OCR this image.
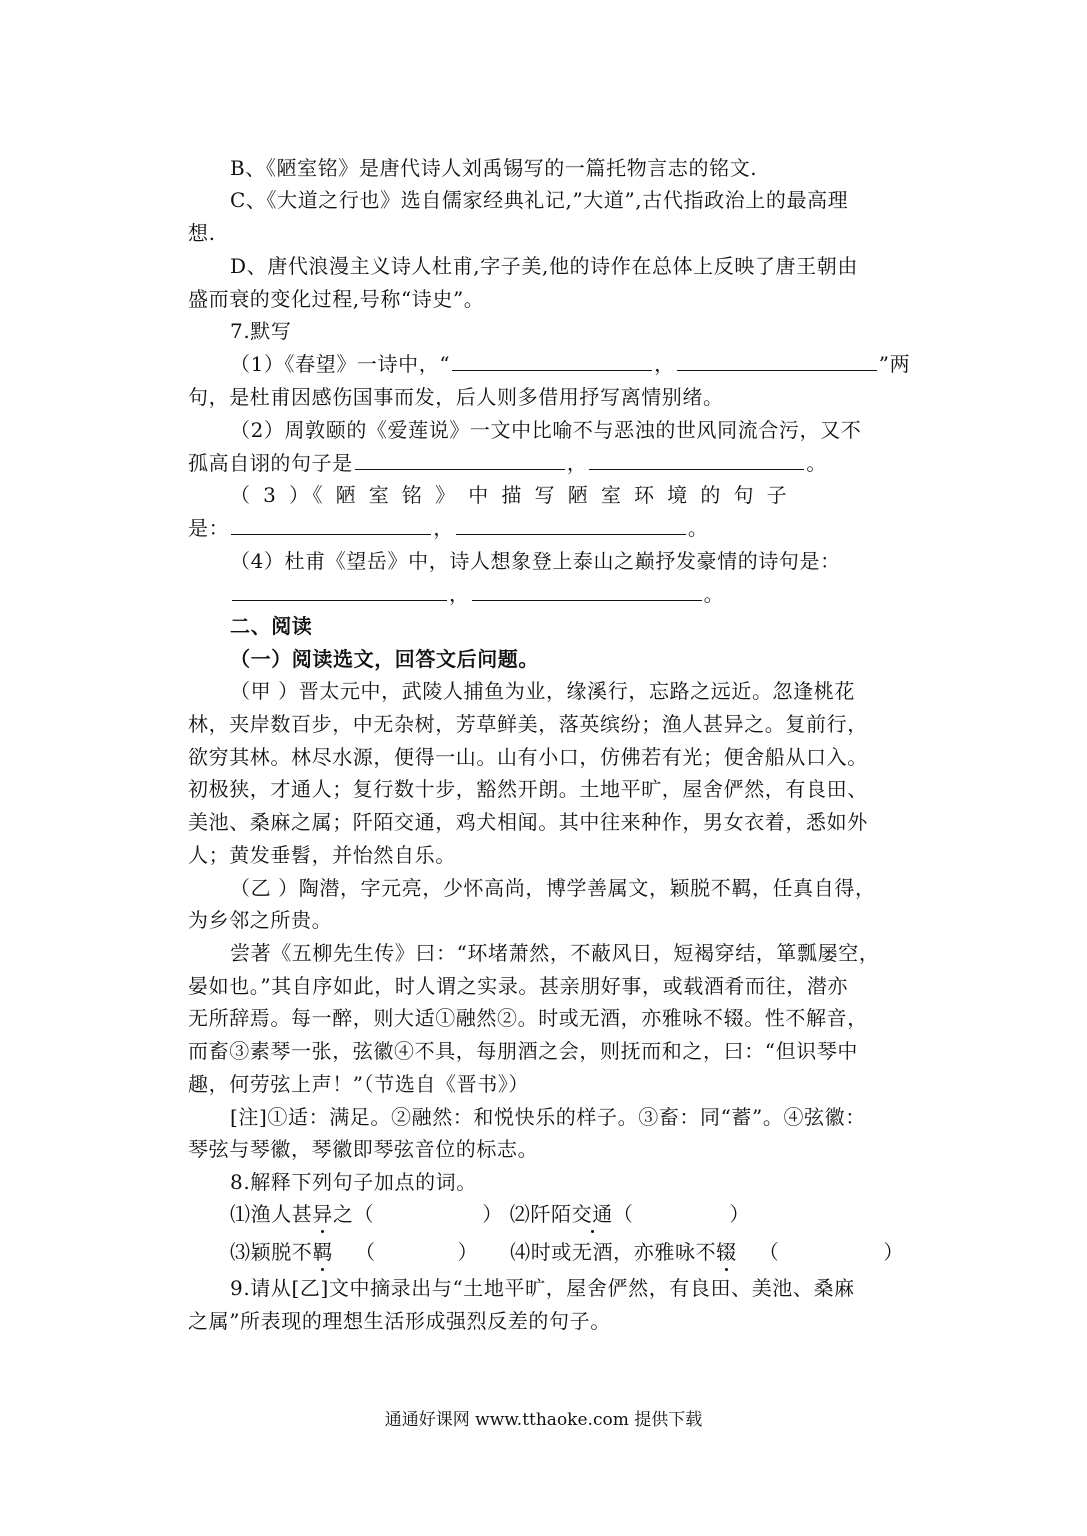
B、《陋室铭》是唐代诗人刘禹锡写的一篇托物言志的铭文.
C、《大道之行也》选自儒家经典礼记,”大道”,古代指政治上的最高理
想.
D、唐代浪漫主义诗人杜甫,字子美,他的诗作在总体上反映了唐王朝由
盛而衰的变化过程,号称“诗史”。
7.默写
（1）《春望》一诗中，“	，	”两
句，是杜甫因感伤国事而发，后人则多借用抒写离情别绪。
（2）周敦颐的《爱莲说》一文中比喻不与恶浊的世风同流合污，又不
孤高自诩的句子是	，	。
（ 3 ）《 陋 室 铭 》 中 描 写 陋 室 环 境 的 句 子
是：	，	。
（4）杜甫《望岳》中，诗人想象登上泰山之巅抒发豪情的诗句是：
，	。
二、阅读
（一）阅读选文，回答文后问题。
（甲 ）晋太元中，武陵人捕鱼为业，缘溪行，忘路之远近。忽逢桃花
林，夹岸数百步，中无杂树，芳草鲜美，落英缤纷；渔人甚异之。复前行，
欲穷其林。林尽水源，便得一山。山有小口，仿佛若有光；便舍船从口入。
初极狭，才通人；复行数十步，豁然开朗。土地平旷，屋舍俨然，有良田、
美池、桑麻之属；阡陌交通，鸡犬相闻。其中往来种作，男女衣着，悉如外
人；黄发垂髫，并怡然自乐。
（乙 ）陶潜，字元亮，少怀高尚，博学善属文，颖脱不羁，任真自得，
为乡邻之所贵。
尝著《五柳先生传》曰：“环堵萧然，不蔽风日，短褐穿结，箪瓢屡空，
晏如也。”其自序如此，时人谓之实录。甚亲朋好事，或载酒肴而往，潜亦
无所辞焉。每一醉，则大适①融然②。时或无酒，亦雅咏不辍。性不解音，
而畜③素琴一张，弦徽④不具，每朋酒之会，则抚而和之，曰：“但识琴中
趣，何劳弦上声！”（节选自《晋书》）
[注]①适：满足。②融然：和悦快乐的样子。③畜：同“蓄”。④弦徽：
琴弦与琴徽，琴徽即琴弦音位的标志。
8.解释下列句子加点的词。
⑴渔人甚异之（	） ⑵阡陌交通（	）
⑶颖脱不羁 （	） ⑷时或无酒，亦雅咏不辍 （	）
9.请从[乙]文中摘录出与“土地平旷，屋舍俨然，有良田、美池、桑麻
之属”所表现的理想生活形成强烈反差的句子。
通通好课网 www.tthaoke.com 提供下载
